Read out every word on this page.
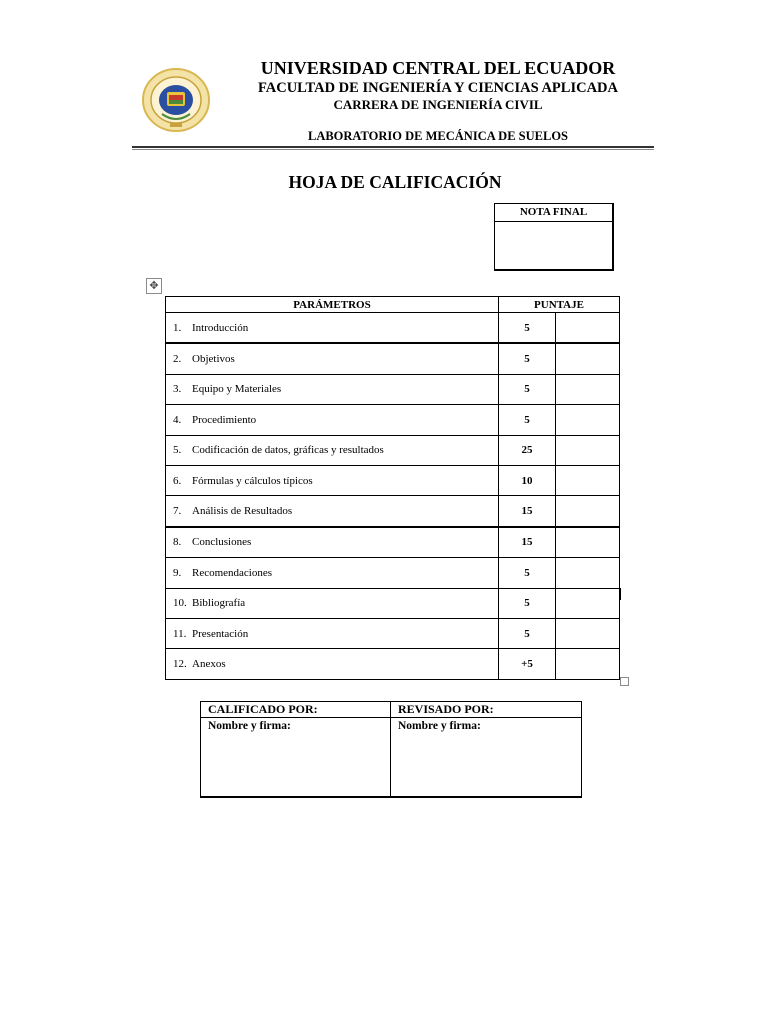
UNIVERSIDAD CENTRAL DEL ECUADOR
FACULTAD DE INGENIERÍA Y CIENCIAS APLICADA
CARRERA DE INGENIERÍA CIVIL
LABORATORIO DE MECÁNICA DE SUELOS
HOJA DE CALIFICACIÓN
NOTA FINAL
✥
PARÁMETROS	PUNTAJE	
1. Introducción	5	
2. Objetivos	5	
3. Equipo y Materiales	5	
4. Procedimiento	5	
5. Codificación de datos, gráficas y resultados	25	
6. Fórmulas y cálculos típicos	10	
7. Análisis de Resultados	15	
8. Conclusiones	15	
9. Recomendaciones	5	
10. Bibliografía	5	
11. Presentación	5	
12. Anexos	+5	
CALIFICADO POR:	REVISADO POR:
Nombre y firma:	Nombre y firma:
